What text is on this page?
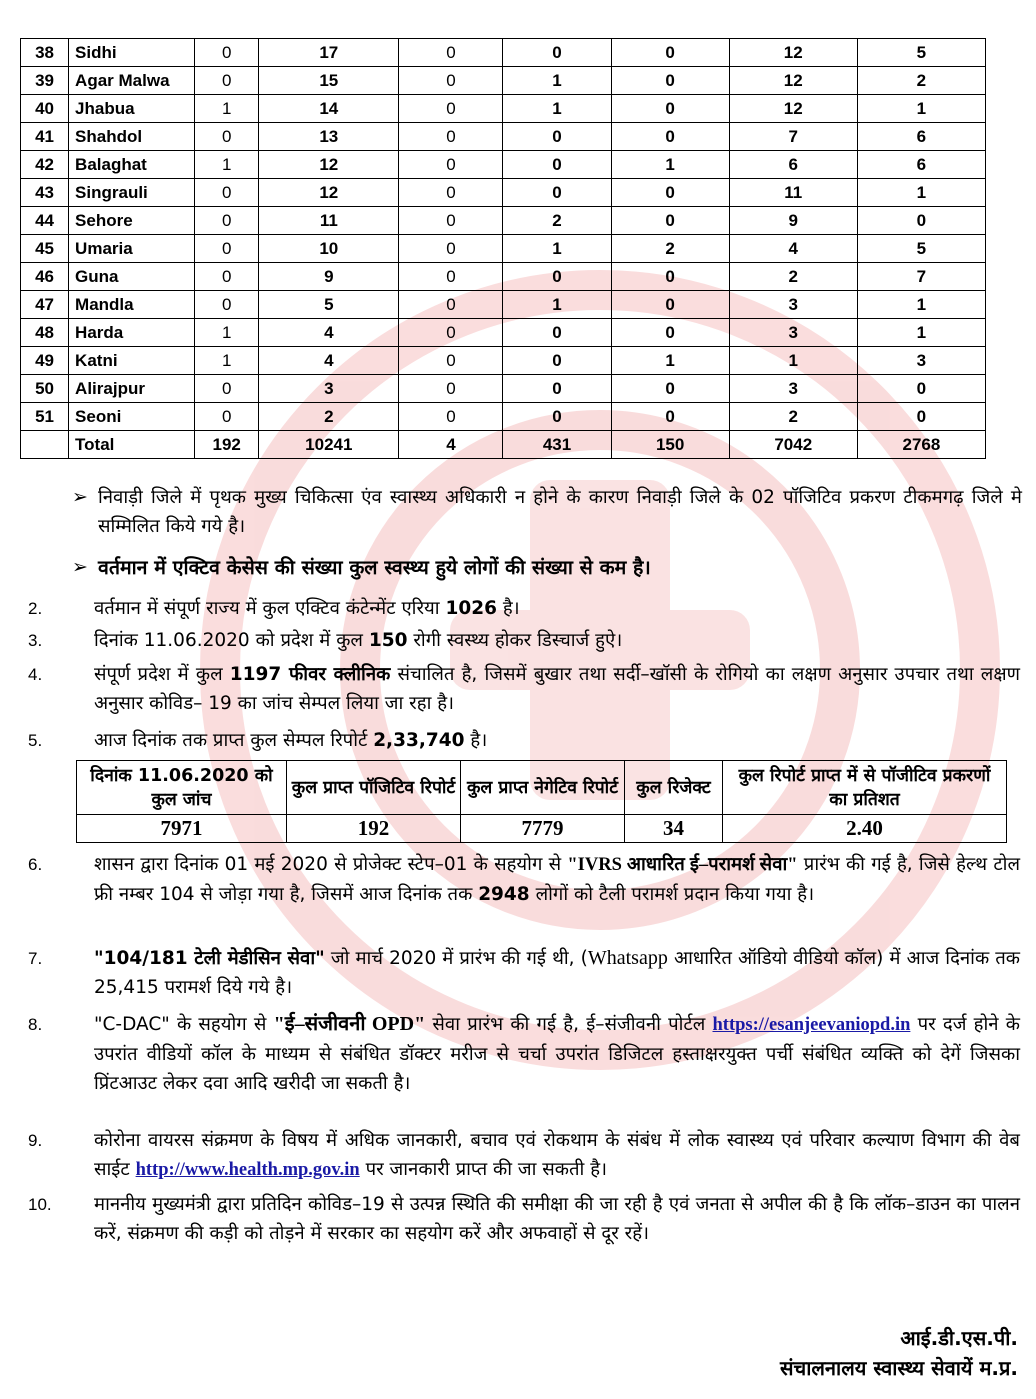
38	Sidhi	0	17	0	0	0	12	5
39	Agar Malwa	0	15	0	1	0	12	2
40	Jhabua	1	14	0	1	0	12	1
41	Shahdol	0	13	0	0	0	7	6
42	Balaghat	1	12	0	0	1	6	6
43	Singrauli	0	12	0	0	0	11	1
44	Sehore	0	11	0	2	0	9	0
45	Umaria	0	10	0	1	2	4	5
46	Guna	0	9	0	0	0	2	7
47	Mandla	0	5	0	1	0	3	1
48	Harda	1	4	0	0	0	3	1
49	Katni	1	4	0	0	1	1	3
50	Alirajpur	0	3	0	0	0	3	0
51	Seoni	0	2	0	0	0	2	0
	Total	192	10241	4	431	150	7042	2768
➢ निवाड़ी जिले में पृथक मुख्य चिकित्सा एंव स्वास्थ्य अधिकारी न होने के कारण निवाड़ी जिले के 02 पॉजिटिव प्रकरण टीकमगढ़ जिले मे सम्मिलित किये गये है।
➢ वर्तमान में एक्टिव केसेस की संख्या कुल स्वस्थ्य हुये लोगों की संख्या से कम है।
2.	वर्तमान में संपूर्ण राज्य में कुल एक्टिव कंटेन्मेंट एरिया 1026 है।
3.	दिनांक 11.06.2020 को प्रदेश में कुल 150 रोगी स्वस्थ्य होकर डिस्चार्ज हुऐ।
4.	संपूर्ण प्रदेश में कुल 1197 फीवर क्लीनिक संचालित है, जिसमें बुखार तथा सर्दी–खॉसी के रोगियो का लक्षण अनुसार उपचार तथा लक्षण अनुसार कोविड– 19 का जांच सेम्पल लिया जा रहा है।
5.	आज दिनांक तक प्राप्त कुल सेम्पल रिपोर्ट 2,33,740 है।
दिनांक 11.06.2020 को कुल जांच	कुल प्राप्त पॉजिटिव रिपोर्ट	कुल प्राप्त नेगेटिव रिपोर्ट	कुल रिजेक्ट	कुल रिपोर्ट प्राप्त में से पॉजीटिव प्रकरणों का प्रतिशत
7971	192	7779	34	2.40
6.	शासन द्वारा दिनांक 01 मई 2020 से प्रोजेक्ट स्टेप–01 के सहयोग से "IVRS आधारित ई–परामर्श सेवा" प्रारंभ की गई है, जिसे हेल्थ टोल फ्री नम्बर 104 से जोड़ा गया है, जिसमें आज दिनांक तक 2948 लोगों को टैली परामर्श प्रदान किया गया है।
7.	"104/181 टेली मेडीसिन सेवा" जो मार्च 2020 में प्रारंभ की गई थी, (Whatsapp आधारित ऑडियो वीडियो कॉल) में आज दिनांक तक 25,415 परामर्श दिये गये है।
8.	"C-DAC" के सहयोग से "ई–संजीवनी OPD" सेवा प्रारंभ की गई है, ई–संजीवनी पोर्टल https://esanjeevaniopd.in पर दर्ज होने के उपरांत वीडियों कॉल के माध्यम से संबंधित डॉक्टर मरीज से चर्चा उपरांत डिजिटल हस्ताक्षरयुक्त पर्ची संबंधित व्यक्ति को देगें जिसका प्रिंटआउट लेकर दवा आदि खरीदी जा सकती है।
9.	कोरोना वायरस संक्रमण के विषय में अधिक जानकारी, बचाव एवं रोकथाम के संबंध में लोक स्वास्थ्य एवं परिवार कल्याण विभाग की वेब साईट http://www.health.mp.gov.in पर जानकारी प्राप्त की जा सकती है।
10.	माननीय मुख्यमंत्री द्वारा प्रतिदिन कोविड–19 से उत्पन्न स्थिति की समीक्षा की जा रही है एवं जनता से अपील की है कि लॉक–डाउन का पालन करें, संक्रमण की कड़ी को तोड़ने में सरकार का सहयोग करें और अफवाहों से दूर रहें।
आई.डी.एस.पी.
संचालनालय स्वास्थ्य सेवायें म.प्र.
